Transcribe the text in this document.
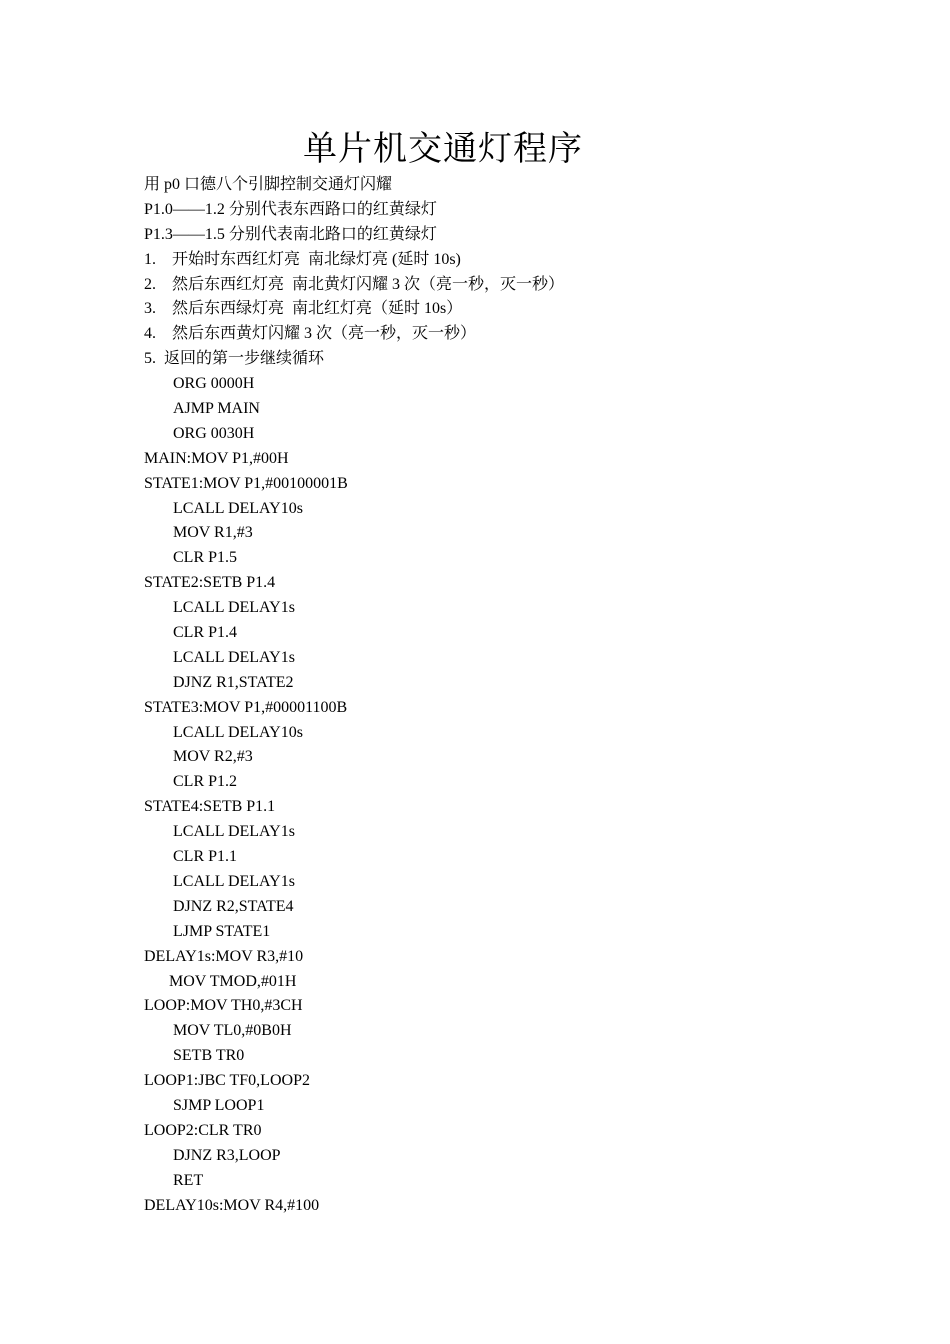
单片机交通灯程序
用 p0 口德八个引脚控制交通灯闪耀
P1.0——1.2 分别代表东西路口的红黄绿灯
P1.3——1.5 分别代表南北路口的红黄绿灯
1.    开始时东西红灯亮  南北绿灯亮 (延时 10s)
2.    然后东西红灯亮  南北黄灯闪耀 3 次（亮一秒，灭一秒）
3.    然后东西绿灯亮  南北红灯亮（延时 10s）
4.    然后东西黄灯闪耀 3 次（亮一秒，灭一秒）
5.  返回的第一步继续循环
ORG 0000H
AJMP MAIN
ORG 0030H
MAIN:MOV P1,#00H
STATE1:MOV P1,#00100001B
LCALL DELAY10s
MOV R1,#3
CLR P1.5
STATE2:SETB P1.4
LCALL DELAY1s
CLR P1.4
LCALL DELAY1s
DJNZ R1,STATE2
STATE3:MOV P1,#00001100B
LCALL DELAY10s
MOV R2,#3
CLR P1.2
STATE4:SETB P1.1
LCALL DELAY1s
CLR P1.1
LCALL DELAY1s
DJNZ R2,STATE4
LJMP STATE1
DELAY1s:MOV R3,#10
MOV TMOD,#01H
LOOP:MOV TH0,#3CH
MOV TL0,#0B0H
SETB TR0
LOOP1:JBC TF0,LOOP2
SJMP LOOP1
LOOP2:CLR TR0
DJNZ R3,LOOP
RET
DELAY10s:MOV R4,#100
